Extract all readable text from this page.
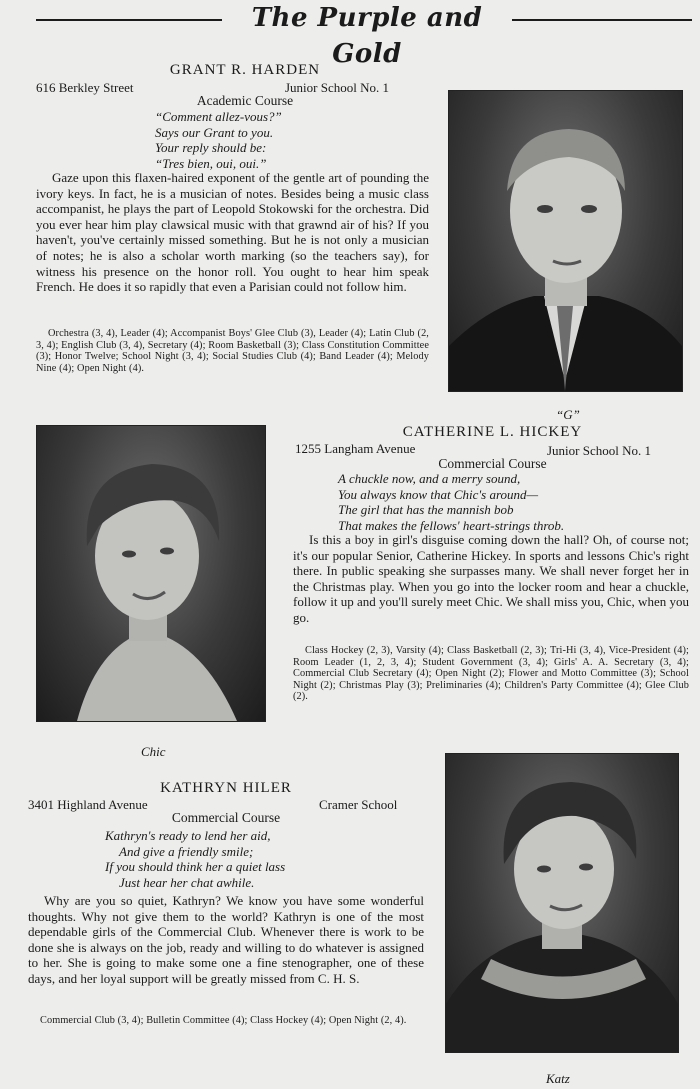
The Purple and Gold
GRANT R. HARDEN
616 Berkley Street	Junior School No. 1
Academic Course
“Comment allez-vous?”
Says our Grant to you.
Your reply should be:
“Tres bien, oui, oui.”

Gaze upon this flaxen-haired exponent of the gentle art of pounding the ivory keys. In fact, he is a musician of notes. Besides being a music class accompanist, he plays the part of Leopold Stokowski for the orchestra. Did you ever hear him play clawsical music with that grawnd air of his? If you haven't, you've certainly missed something. But he is not only a musician of notes; he is also a scholar worth marking (so the teachers say), for witness his presence on the honor roll. You ought to hear him speak French. He does it so rapidly that even a Parisian could not follow him.

Orchestra (3, 4), Leader (4); Accompanist Boys' Glee Club (3), Leader (4); Latin Club (2, 3, 4); English Club (3, 4), Secretary (4); Room Basketball (3); Class Constitution Committee (3); Honor Twelve; School Night (3, 4); Social Studies Club (4); Band Leader (4); Melody Nine (4); Open Night (4).

“G”
CATHERINE L. HICKEY
1255 Langham Avenue	Junior School No. 1
Commercial Course
A chuckle now, and a merry sound,
You always know that Chic's around—
The girl that has the mannish bob
That makes the fellows' heart-strings throb.

Is this a boy in girl's disguise coming down the hall? Oh, of course not; it's our popular Senior, Catherine Hickey. In sports and lessons Chic's right there. In public speaking she surpasses many. We shall never forget her in the Christmas play. When you go into the locker room and hear a chuckle, follow it up and you'll surely meet Chic. We shall miss you, Chic, when you go.

Class Hockey (2, 3), Varsity (4); Class Basketball (2, 3); Tri-Hi (3, 4), Vice-President (4); Room Leader (1, 2, 3, 4); Student Government (3, 4); Girls' A. A. Secretary (3, 4); Commercial Club Secretary (4); Open Night (2); Flower and Motto Committee (3); School Night (2); Christmas Play (3); Preliminaries (4); Children's Party Committee (4); Glee Club (2).

Chic
KATHRYN HILER
3401 Highland Avenue	Cramer School
Commercial Course
Kathryn's ready to lend her aid,
And give a friendly smile;
If you should think her a quiet lass
Just hear her chat awhile.

Why are you so quiet, Kathryn? We know you have some wonderful thoughts. Why not give them to the world? Kathryn is one of the most dependable girls of the Commercial Club. Whenever there is work to be done she is always on the job, ready and willing to do whatever is assigned to her. She is going to make some one a fine stenographer, one of these days, and her loyal support will be greatly missed from C. H. S.

Commercial Club (3, 4); Bulletin Committee (4); Class Hockey (4); Open Night (2, 4).

Katz
